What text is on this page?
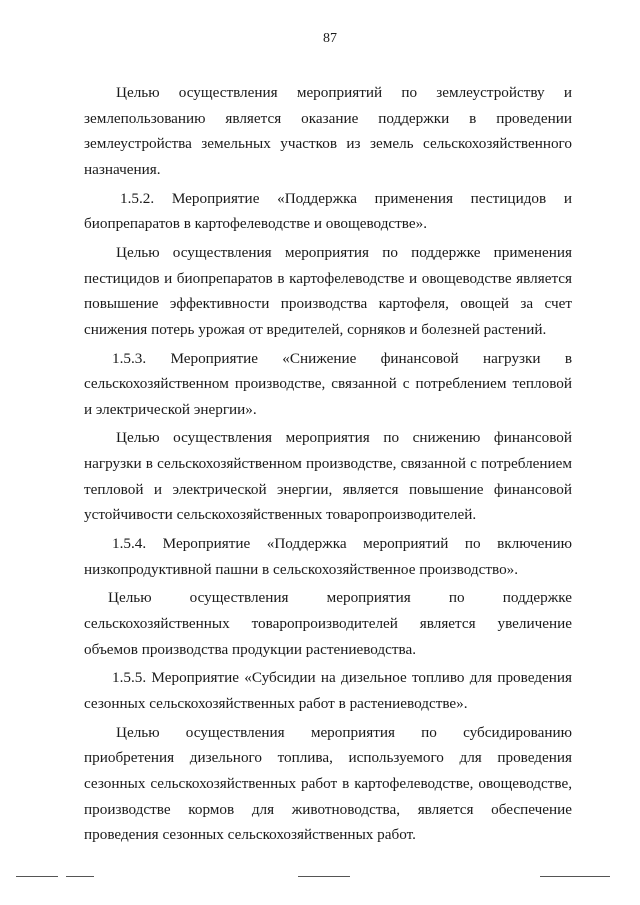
87

Целью осуществления мероприятий по землеустройству и землепользованию является оказание поддержки в проведении землеустройства земельных участков из земель сельскохозяйственного назначения.

1.5.2. Мероприятие «Поддержка применения пестицидов и биопрепаратов в картофелеводстве и овощеводстве».

Целью осуществления мероприятия по поддержке применения пестицидов и биопрепаратов в картофелеводстве и овощеводстве является повышение эффективности производства картофеля, овощей за счет снижения потерь урожая от вредителей, сорняков и болезней растений.

1.5.3. Мероприятие «Снижение финансовой нагрузки в сельскохозяйственном производстве, связанной с потреблением тепловой и электрической энергии».

Целью осуществления мероприятия по снижению финансовой нагрузки в сельскохозяйственном производстве, связанной с потреблением тепловой и электрической энергии, является повышение финансовой устойчивости сельскохозяйственных товаропроизводителей.

1.5.4. Мероприятие «Поддержка мероприятий по включению низкопродуктивной пашни в сельскохозяйственное производство».

Целью осуществления мероприятия по поддержке сельскохозяйственных товаропроизводителей является увеличение объемов производства продукции растениеводства.

1.5.5. Мероприятие «Субсидии на дизельное топливо для проведения сезонных сельскохозяйственных работ в растениеводстве».

Целью осуществления мероприятия по субсидированию приобретения дизельного топлива, используемого для проведения сезонных сельскохозяйственных работ в картофелеводстве, овощеводстве, производстве кормов для животноводства, является обеспечение проведения сезонных сельскохозяйственных работ.
